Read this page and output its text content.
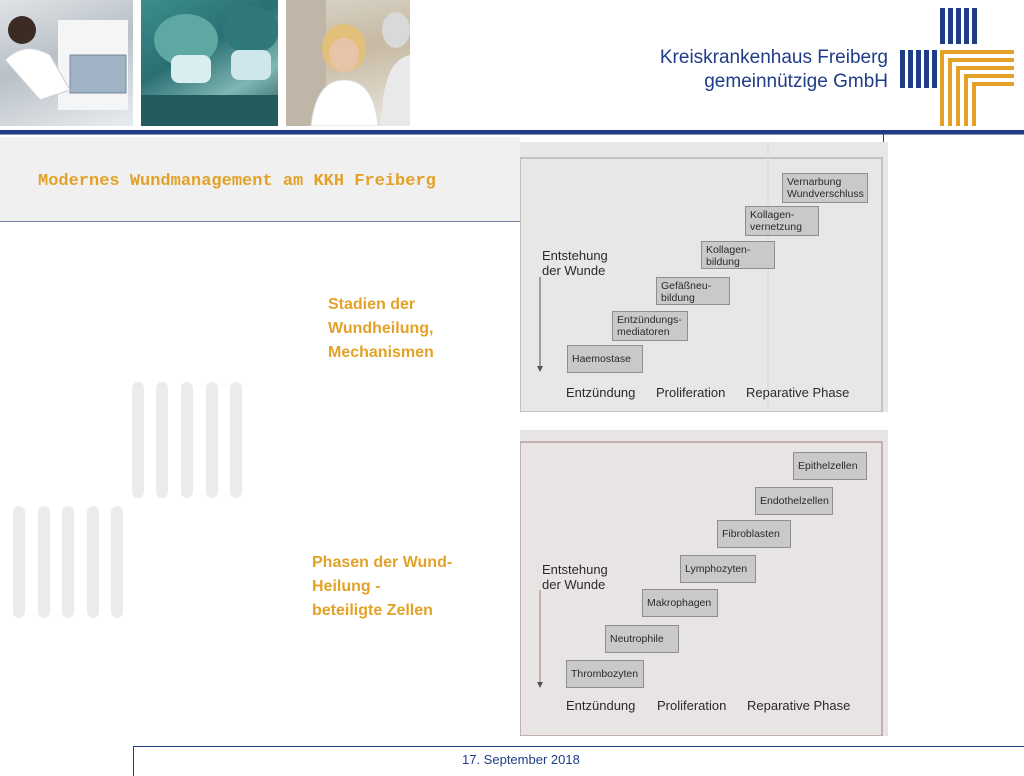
Kreiskrankenhaus Freiberg
gemeinnützige GmbH
Modernes Wundmanagement am KKH Freiberg
Stadien der
Wundheilung,
Mechanismen
Phasen der Wund-
Heilung -
beteiligte Zellen
Entstehung
der Wunde
Haemostase
Entzündungs-
mediatoren
Gefäßneu-
bildung
Kollagen-
bildung
Kollagen-
vernetzung
Vernarbung
Wundverschluss
Entzündung Proliferation Reparative Phase
Entstehung
der Wunde
Thrombozyten
Neutrophile
Makrophagen
Lymphozyten
Fibroblasten
Endothelzellen
Epithelzellen
Entzündung Proliferation Reparative Phase
17. September 2018
